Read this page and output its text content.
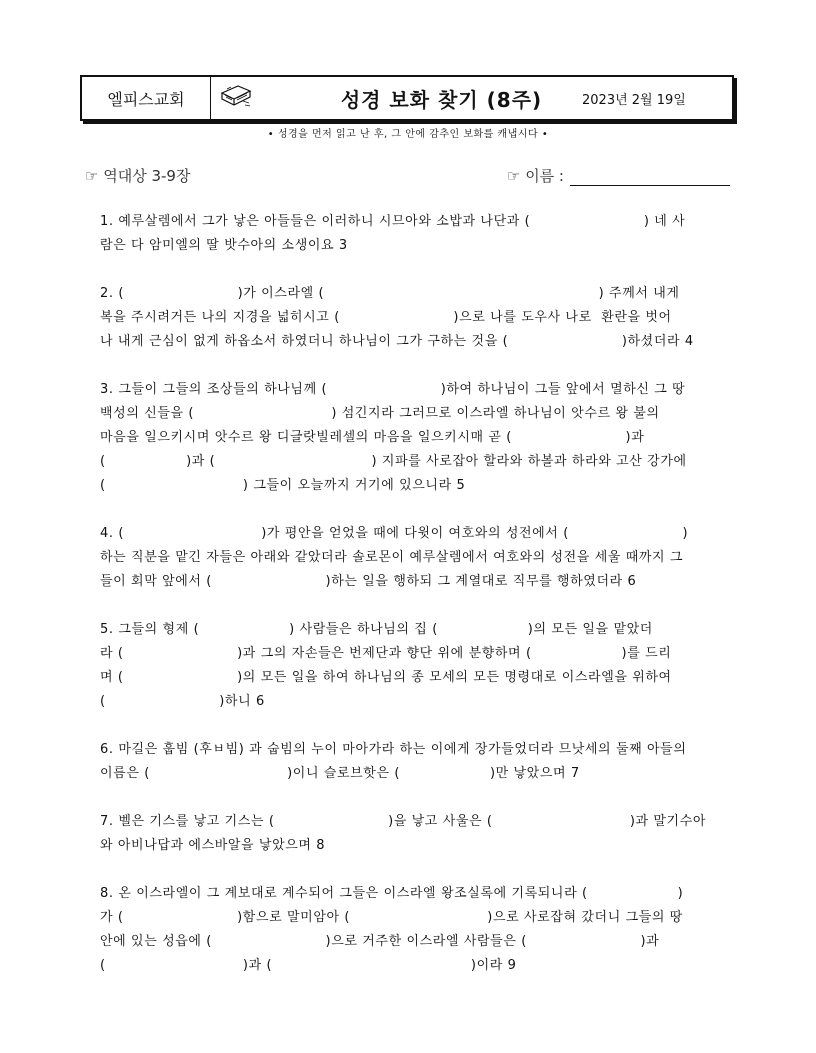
엘피스교회	성경 보화 찾기 (8주)	2023년 2월 19일
• 성경을 먼저 읽고 난 후, 그 안에 감추인 보화를 캐냅시다 •
☞ 역대상 3-9장	☞ 이름 :
1. 예루살렘에서 그가 낳은 아들들은 이러하니 시므아와 소밥과 나단과 (                        ) 네 사
람은 다 암미엘의 딸 밧수아의 소생이요 3
2. (                        )가 이스라엘 (                                                          ) 주께서 내게
복을 주시려거든 나의 지경을 넓히시고 (                        )으로 나를 도우사 나로  환란을 벗어
나 내게 근심이 없게 하옵소서 하였더니 하나님이 그가 구하는 것을 (                        )하셨더라 4
3. 그들이 그들의 조상들의 하나님께 (                        )하여 하나님이 그들 앞에서 멸하신 그 땅
백성의 신들을 (                             ) 섬긴지라 그러므로 이스라엘 하나님이 앗수르 왕 불의
마음을 일으키시며 앗수르 왕 디글랏빌레셀의 마음을 일으키시매 곧 (                        )과
(                 )과 (                                 ) 지파를 사로잡아 할라와 하볼과 하라와 고산 강가에
(                             ) 그들이 오늘까지 거기에 있으니라 5
4. (                             )가 평안을 얻었을 때에 다윗이 여호와의 성전에서 (                        )
하는 직분을 맡긴 자들은 아래와 같았더라 솔로몬이 예루살렘에서 여호와의 성전을 세울 때까지 그
들이 회막 앞에서 (                        )하는 일을 행하되 그 계열대로 직무를 행하였더라 6
5. 그들의 형제 (                   ) 사람들은 하나님의 집 (                   )의 모든 일을 맡았더
라 (                        )과 그의 자손들은 번제단과 향단 위에 분향하며 (                   )를 드리
며 (                        )의 모든 일을 하여 하나님의 종 모세의 모든 명령대로 이스라엘을 위하여
(                        )하니 6
6. 마길은 훕빔 (후ㅂ빔) 과 숩빔의 누이 마아가라 하는 이에게 장가들었더라 므낫세의 둘째 아들의
이름은 (                             )이니 슬로브핫은 (                   )만 낳았으며 7
7. 벨은 기스를 낳고 기스는 (                        )을 낳고 사울은 (                             )과 말기수아
와 아비나답과 에스바알을 낳았으며 8
8. 온 이스라엘이 그 계보대로 계수되어 그들은 이스라엘 왕조실록에 기록되니라 (                   )
가 (                        )함으로 말미암아 (                             )으로 사로잡혀 갔더니 그들의 땅
안에 있는 성읍에 (                        )으로 거주한 이스라엘 사람들은 (                        )과
(                             )과 (                                          )이라 9
